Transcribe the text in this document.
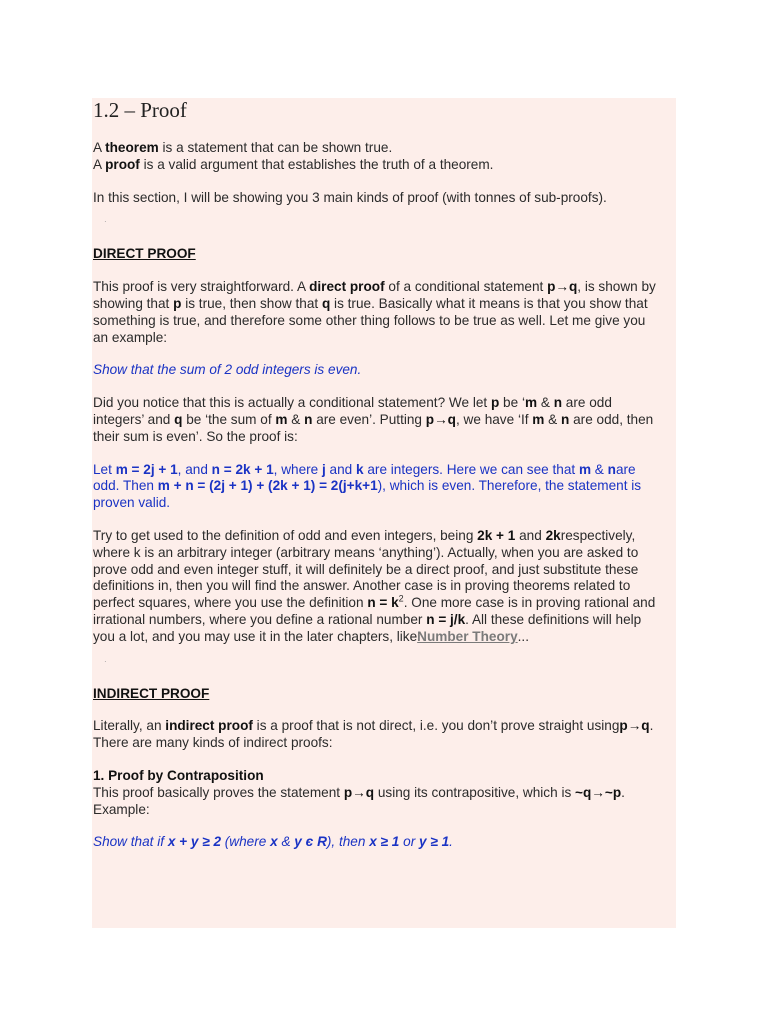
1.2 – Proof

A theorem is a statement that can be shown true.

A proof is a valid argument that establishes the truth of a theorem.

In this section, I will be showing you 3 main kinds of proof (with tonnes of sub-proofs).

·

DIRECT PROOF

This proof is very straightforward. A direct proof of a conditional statement p→q, is shown by showing that p is true, then show that q is true. Basically what it means is that you show that something is true, and therefore some other thing follows to be true as well. Let me give you an example:

Show that the sum of 2 odd integers is even.

Did you notice that this is actually a conditional statement? We let p be ‘m & n are odd integers’ and q be ‘the sum of m & n are even’. Putting p→q, we have ‘If m & n are odd, then their sum is even’. So the proof is:

Let m = 2j + 1, and n = 2k + 1, where j and k are integers. Here we can see that m & nare odd. Then m + n = (2j + 1) + (2k + 1) = 2(j+k+1), which is even. Therefore, the statement is proven valid.

Try to get used to the definition of odd and even integers, being 2k + 1 and 2krespectively, where k is an arbitrary integer (arbitrary means ‘anything’). Actually, when you are asked to prove odd and even integer stuff, it will definitely be a direct proof, and just substitute these definitions in, then you will find the answer. Another case is in proving theorems related to perfect squares, where you use the definition $n = k^2$. One more case is in proving rational and irrational numbers, where you define a rational number n = j/k. All these definitions will help you a lot, and you may use it in the later chapters, likeNumber Theory...

·

INDIRECT PROOF

Literally, an indirect proof is a proof that is not direct, i.e. you don’t prove straight usingp→q. There are many kinds of indirect proofs:

1. Proof by Contraposition

This proof basically proves the statement p→q using its contrapositive, which is ~q→~p. Example:

Show that if x + y ≥ 2 (where x & y є R), then x ≥ 1 or y ≥ 1.
